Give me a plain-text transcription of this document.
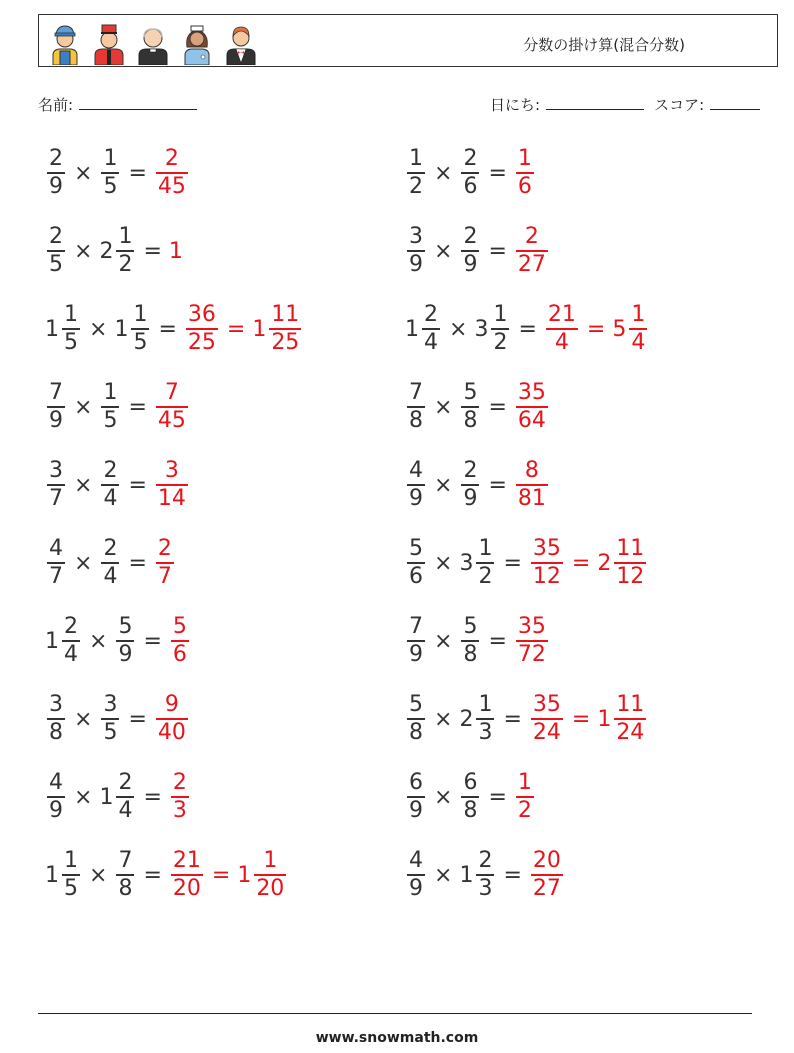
分数の掛け算(混合分数)
名前:	日にち:	スコア:
$\frac{2}{9} \times \frac{1}{5} = \frac{2}{45}$	$\frac{1}{2} \times \frac{2}{6} = \frac{1}{6}$
$\frac{2}{5} \times 2 \frac{1}{2} = 1$	$\frac{3}{9} \times \frac{2}{9} = \frac{2}{27}$
$1 \frac{1}{5} \times 1 \frac{1}{5} = \frac{36}{25} = 1 \frac{11}{25}$	$1 \frac{2}{4} \times 3 \frac{1}{2} = \frac{21}{4} = 5 \frac{1}{4}$
$\frac{7}{9} \times \frac{1}{5} = \frac{7}{45}$	$\frac{7}{8} \times \frac{5}{8} = \frac{35}{64}$
$\frac{3}{7} \times \frac{2}{4} = \frac{3}{14}$	$\frac{4}{9} \times \frac{2}{9} = \frac{8}{81}$
$\frac{4}{7} \times \frac{2}{4} = \frac{2}{7}$	$\frac{5}{6} \times 3 \frac{1}{2} = \frac{35}{12} = 2 \frac{11}{12}$
$1 \frac{2}{4} \times \frac{5}{9} = \frac{5}{6}$	$\frac{7}{9} \times \frac{5}{8} = \frac{35}{72}$
$\frac{3}{8} \times \frac{3}{5} = \frac{9}{40}$	$\frac{5}{8} \times 2 \frac{1}{3} = \frac{35}{24} = 1 \frac{11}{24}$
$\frac{4}{9} \times 1 \frac{2}{4} = \frac{2}{3}$	$\frac{6}{9} \times \frac{6}{8} = \frac{1}{2}$
$1 \frac{1}{5} \times \frac{7}{8} = \frac{21}{20} = 1 \frac{1}{20}$	$\frac{4}{9} \times 1 \frac{2}{3} = \frac{20}{27}$
www.snowmath.com
